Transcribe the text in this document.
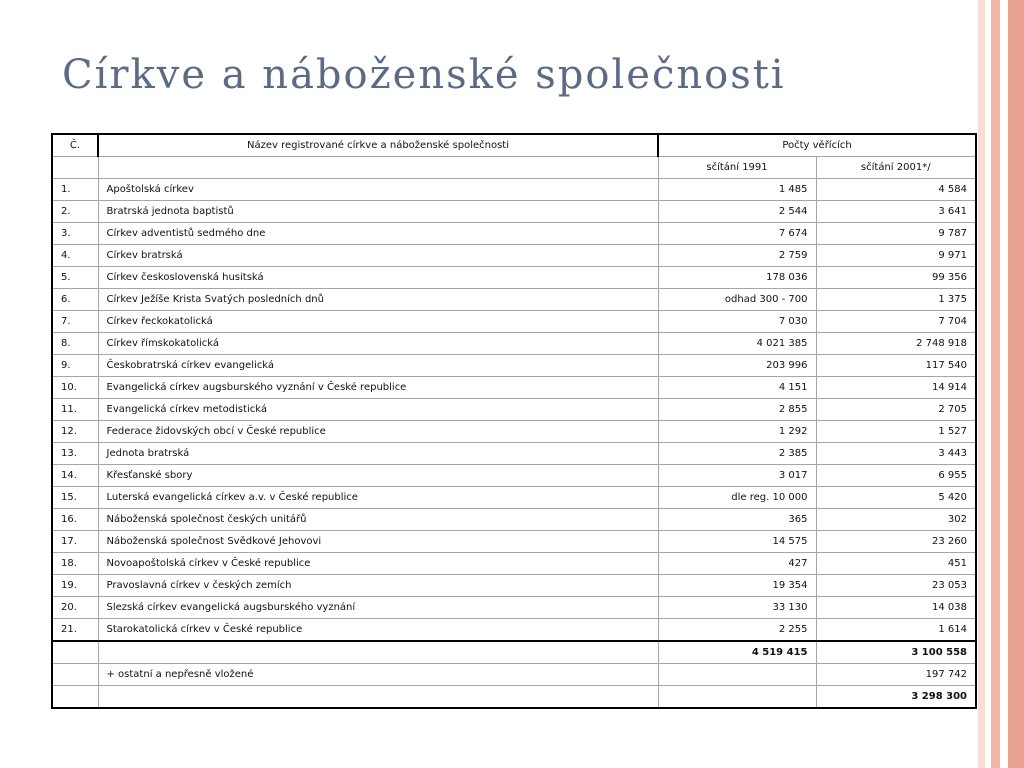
Církve a náboženské společnosti
Č.	Název registrované církve a náboženské společnosti	Počty věřících	
		sčítání 1991	sčítání 2001*/
1.	Apoštolská církev	1 485	4 584
2.	Bratrská jednota baptistů	2 544	3 641
3.	Církev adventistů sedmého dne	7 674	9 787
4.	Církev bratrská	2 759	9 971
5.	Církev československá husitská	178 036	99 356
6.	Církev Ježíše Krista Svatých posledních dnů	odhad 300 - 700	1 375
7.	Církev řeckokatolická	7 030	7 704
8.	Církev římskokatolická	4 021 385	2 748 918
9.	Českobratrská církev evangelická	203 996	117 540
10.	Evangelická církev augsburského vyznání v České republice	4 151	14 914
11.	Evangelická církev metodistická	2 855	2 705
12.	Federace židovských obcí v České republice	1 292	1 527
13.	Jednota bratrská	2 385	3 443
14.	Křesťanské sbory	3 017	6 955
15.	Luterská evangelická církev a.v. v České republice	dle reg. 10 000	5 420
16.	Náboženská společnost českých unitářů	365	302
17.	Náboženská společnost Svědkové Jehovovi	14 575	23 260
18.	Novoapoštolská církev v České republice	427	451
19.	Pravoslavná církev v českých zemích	19 354	23 053
20.	Slezská církev evangelická augsburského vyznání	33 130	14 038
21.	Starokatolická církev v České republice	2 255	1 614
		4 519 415	3 100 558
	+ ostatní a nepřesně vložené		197 742
			3 298 300
